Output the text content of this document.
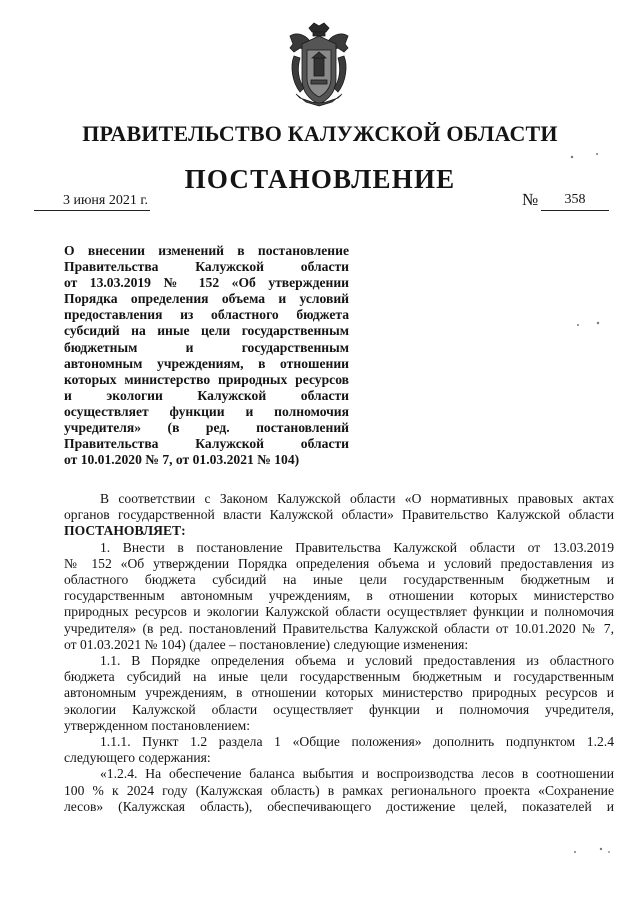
ПРАВИТЕЛЬСТВО КАЛУЖСКОЙ ОБЛАСТИ
ПОСТАНОВЛЕНИЕ
3 июня 2021 г.	№	358
О внесении изменений в постановление
Правительства Калужской области
от 13.03.2019 № 152 «Об утверждении
Порядка определения объема и условий
предоставления из областного бюджета
субсидий на иные цели государственным
бюджетным и государственным
автономным учреждениям, в отношении
которых министерство природных ресурсов
и экологии Калужской области
осуществляет функции и полномочия
учредителя» (в ред. постановлений
Правительства Калужской области
от 10.01.2020 № 7, от 01.03.2021 № 104)
В соответствии с Законом Калужской области «О нормативных правовых актах
органов государственной власти Калужской области» Правительство Калужской области
ПОСТАНОВЛЯЕТ:
1. Внести в постановление Правительства Калужской области от 13.03.2019
№ 152 «Об утверждении Порядка определения объема и условий предоставления из
областного бюджета субсидий на иные цели государственным бюджетным и
государственным автономным учреждениям, в отношении которых министерство
природных ресурсов и экологии Калужской области осуществляет функции и полномочия
учредителя» (в ред. постановлений Правительства Калужской области от 10.01.2020 № 7,
от 01.03.2021 № 104) (далее – постановление) следующие изменения:
1.1. В Порядке определения объема и условий предоставления из областного
бюджета субсидий на иные цели государственным бюджетным и государственным
автономным учреждениям, в отношении которых министерство природных ресурсов и
экологии Калужской области осуществляет функции и полномочия учредителя,
утвержденном постановлением:
1.1.1. Пункт 1.2 раздела 1 «Общие положения» дополнить подпунктом 1.2.4
следующего содержания:
«1.2.4. На обеспечение баланса выбытия и воспроизводства лесов в соотношении
100 % к 2024 году (Калужская область) в рамках регионального проекта «Сохранение
лесов» (Калужская область), обеспечивающего достижение целей, показателей и
